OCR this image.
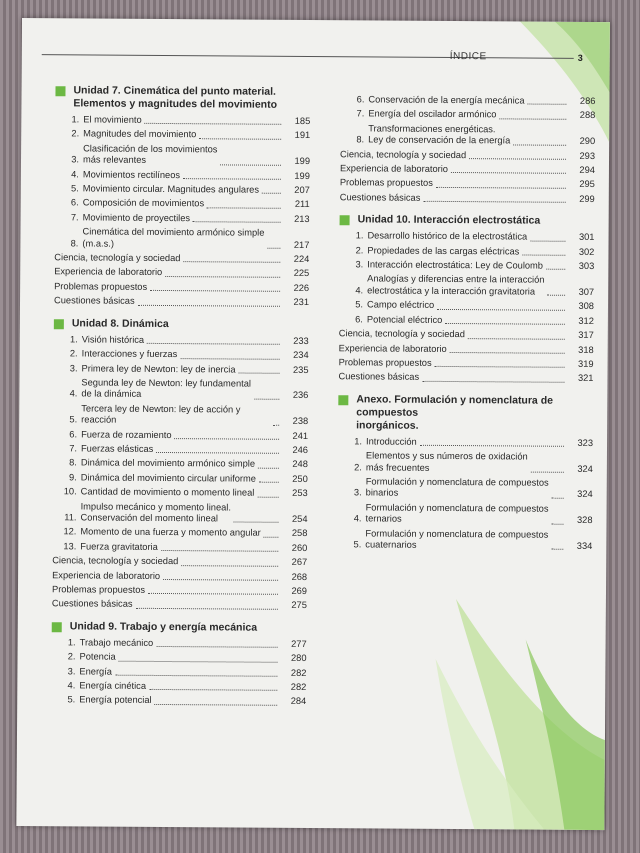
ÍNDICE	3
Unidad 7. Cinemática del punto material.
Elementos y magnitudes del movimiento
1. El movimiento	185
2. Magnitudes del movimiento	191
3.
Clasificación de los movimientos
más relevantes	199
4. Movimientos rectilíneos	199
5. Movimiento circular. Magnitudes angulares	207
6. Composición de movimientos	211
7. Movimiento de proyectiles	213
8.
Cinemática del movimiento armónico simple
(m.a.s.)	217
Ciencia, tecnología y sociedad	224
Experiencia de laboratorio	225
Problemas propuestos	226
Cuestiones básicas	231
Unidad 8. Dinámica
1. Visión histórica	233
2. Interacciones y fuerzas	234
3. Primera ley de Newton: ley de inercia	235
4.
Segunda ley de Newton: ley fundamental
de la dinámica	236
5.
Tercera ley de Newton: ley de acción y reacción	238
6. Fuerza de rozamiento	241
7. Fuerzas elásticas	246
8. Dinámica del movimiento armónico simple	248
9. Dinámica del movimiento circular uniforme	250
10. Cantidad de movimiento o momento lineal	253
11.
Impulso mecánico y momento lineal.
Conservación del momento lineal	254
12. Momento de una fuerza y momento angular	258
13. Fuerza gravitatoria	260
Ciencia, tecnología y sociedad	267
Experiencia de laboratorio	268
Problemas propuestos	269
Cuestiones básicas	275
Unidad 9. Trabajo y energía mecánica
1. Trabajo mecánico	277
2. Potencia	280
3. Energía	282
4. Energía cinética	282
5. Energía potencial	284
6. Conservación de la energía mecánica	286
7. Energía del oscilador armónico	288
8.
Transformaciones energéticas.
Ley de conservación de la energía	290
Ciencia, tecnología y sociedad	293
Experiencia de laboratorio	294
Problemas propuestos	295
Cuestiones básicas	299
Unidad 10. Interacción electrostática
1. Desarrollo histórico de la electrostática	301
2. Propiedades de las cargas eléctricas	302
3. Interacción electrostática: Ley de Coulomb	303
4.
Analogías y diferencias entre la interacción
electrostática y la interacción gravitatoria	307
5. Campo eléctrico	308
6. Potencial eléctrico	312
Ciencia, tecnología y sociedad	317
Experiencia de laboratorio	318
Problemas propuestos	319
Cuestiones básicas	321
Anexo. Formulación y nomenclatura de compuestos
inorgánicos.
1. Introducción	323
2.
Elementos y sus números de oxidación
más frecuentes	324
3.
Formulación y nomenclatura de compuestos
binarios	324
4.
Formulación y nomenclatura de compuestos
ternarios	328
5.
Formulación y nomenclatura de compuestos
cuaternarios	334
